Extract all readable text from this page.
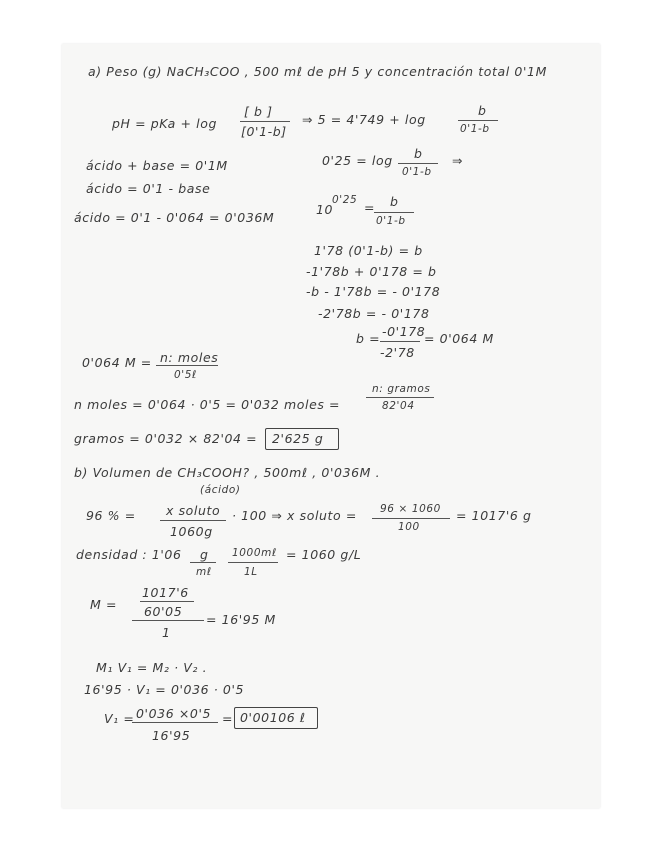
a) Peso (g) NaCH₃COO , 500 mℓ de pH 5 y concentración total 0'1M
pH = pKa + log
[ b ]
[0'1-b]
⇒ 5 = 4'749 + log
b
0'1-b
ácido + base = 0'1M
ácido = 0'1 - base
ácido = 0'1 - 0'064 = 0'036M
0'25 = log b
0'1-b
⇒
10
0'25 = b
0'1-b
1'78 (0'1-b) = b
-1'78b + 0'178 = b
-b - 1'78b = - 0'178
-2'78b = - 0'178
b = -0'178
-2'78
= 0'064 M
0'064 M = n: moles
0'5ℓ
n moles = 0'064 · 0'5 = 0'032 moles =
n: gramos
82'04
gramos = 0'032 × 82'04 = 2'625 g
b) Volumen de CH₃COOH? , 500mℓ , 0'036M .
(ácido)
96 % = x soluto
1060g
· 100 ⇒ x soluto = 96 × 1060
100
= 1017'6 g
densidad : 1'06 g
mℓ
1000mℓ
1L
= 1060 g/L
M =
1017'6
60'05
1
= 16'95 M
M₁ V₁ = M₂ · V₂ .
16'95 · V₁ = 0'036 · 0'5
V₁ = 0'036 ×0'5
16'95
= 0'00106 ℓ
